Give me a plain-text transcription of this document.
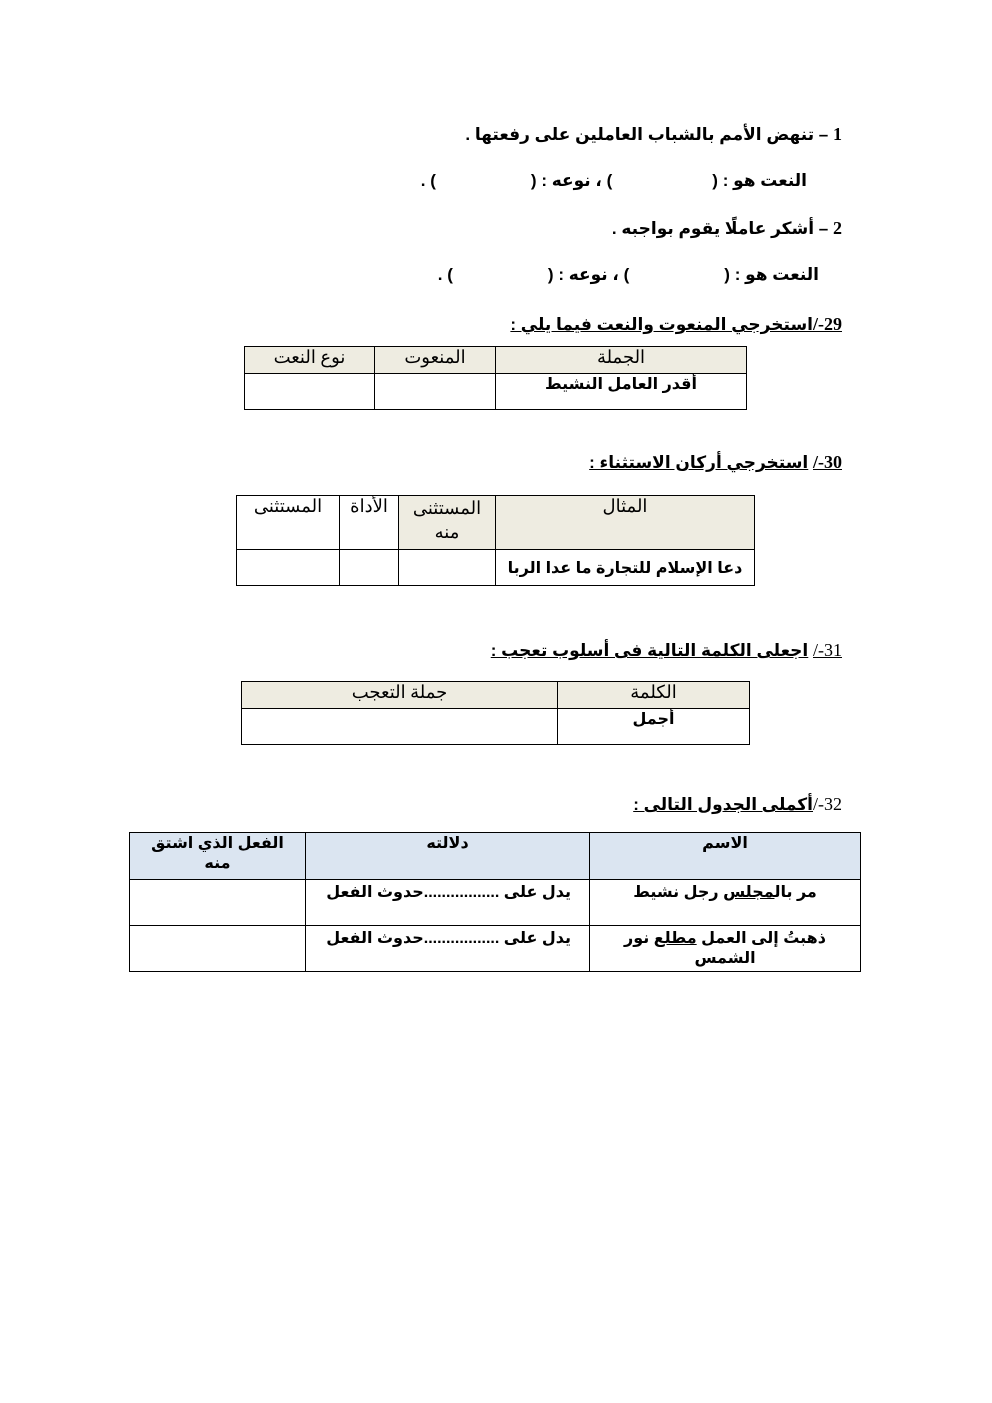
1 – تنهض الأمم بالشباب العاملين على رفعتها .
النعت هو : () ، نوعه : () .
2 – أشكر عاملًا يقوم بواجبه .
النعت هو : () ، نوعه : () .
29-/استخرجي المنعوت والنعت فيما يلي :
الجملة	المنعوت	نوع النعت
أقدر العامل النشيط		
30-/ استخرجي أركان الاستثناء :
المثال	المستثنى منه	الأداة	المستثنى
دعا الإسلام للتجارة ما عدا الربا			
31-/ اجعلى الكلمة التالية فى أسلوب تعجب :
الكلمة	جملة التعجب
أجمل	
32-/أكملى الجدول التالى :
الاسم	دلالته	الفعل الذي اشتق منه
مر بالمجلس رجل نشيط	يدل على .................حدوث الفعل	
ذهبتُ إلى العمل مطلع نور الشمس	يدل على .................حدوث الفعل	
